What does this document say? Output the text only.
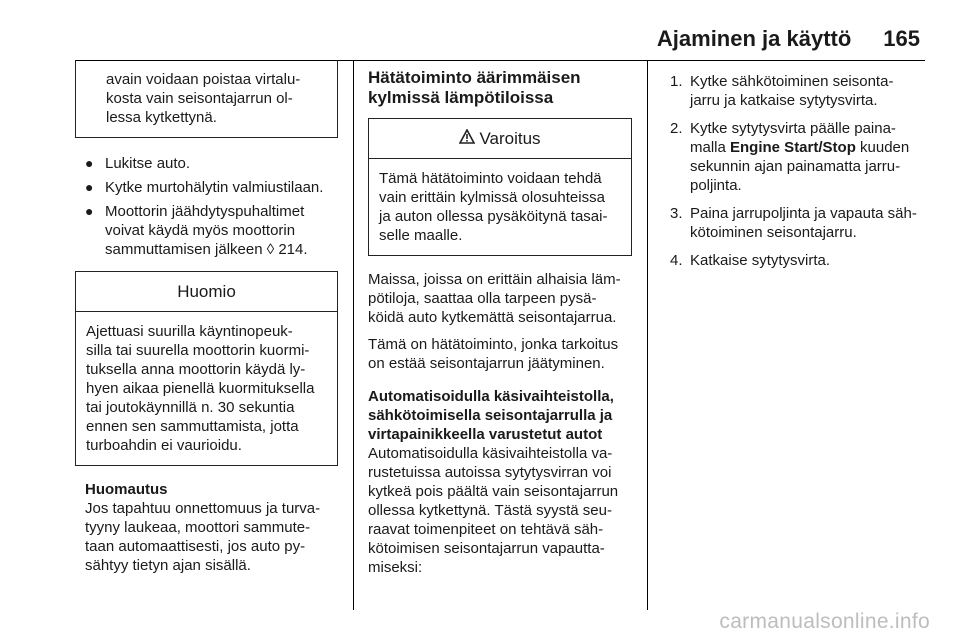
Ajaminen ja käyttö 165
avain voidaan poistaa virtalu-
kosta vain seisontajarrun ol-
lessa kytkettynä.
● Lukitse auto.
● Kytke murtohälytin valmiustilaan.
● Moottorin jäähdytyspuhaltimet
voivat käydä myös moottorin
sammuttamisen jälkeen ◊ 214.
Huomio
Ajettuasi suurilla käyntinopeuk-
silla tai suurella moottorin kuormi-
tuksella anna moottorin käydä ly-
hyen aikaa pienellä kuormituksella
tai joutokäynnillä n. 30 sekuntia
ennen sen sammuttamista, jotta
turboahdin ei vaurioidu.
Huomautus
Jos tapahtuu onnettomuus ja turva-
tyyny laukeaa, moottori sammute-
taan automaattisesti, jos auto py-
sähtyy tietyn ajan sisällä.
Hätätoiminto äärimmäisen
kylmissä lämpötiloissa
Varoitus
Tämä hätätoiminto voidaan tehdä
vain erittäin kylmissä olosuhteissa
ja auton ollessa pysäköitynä tasai-
selle maalle.
Maissa, joissa on erittäin alhaisia läm-
pötiloja, saattaa olla tarpeen pysä-
köidä auto kytkemättä seisontajarrua.
Tämä on hätätoiminto, jonka tarkoitus
on estää seisontajarrun jäätyminen.
Automatisoidulla käsivaihteistolla,
sähkötoimisella seisontajarrulla ja
virtapainikkeella varustetut autot
Automatisoidulla käsivaihteistolla va-
rustetuissa autoissa sytytysvirran voi
kytkeä pois päältä vain seisontajarrun
ollessa kytkettynä. Tästä syystä seu-
raavat toimenpiteet on tehtävä säh-
kötoimisen seisontajarrun vapautta-
miseksi:
1. Kytke sähkötoiminen seisonta-
jarru ja katkaise sytytysvirta.
2. Kytke sytytysvirta päälle paina-
malla Engine Start/Stop kuuden
sekunnin ajan painamatta jarru-
poljinta.
3. Paina jarrupoljinta ja vapauta säh-
kötoiminen seisontajarru.
4. Katkaise sytytysvirta.
carmanualsonline.info
